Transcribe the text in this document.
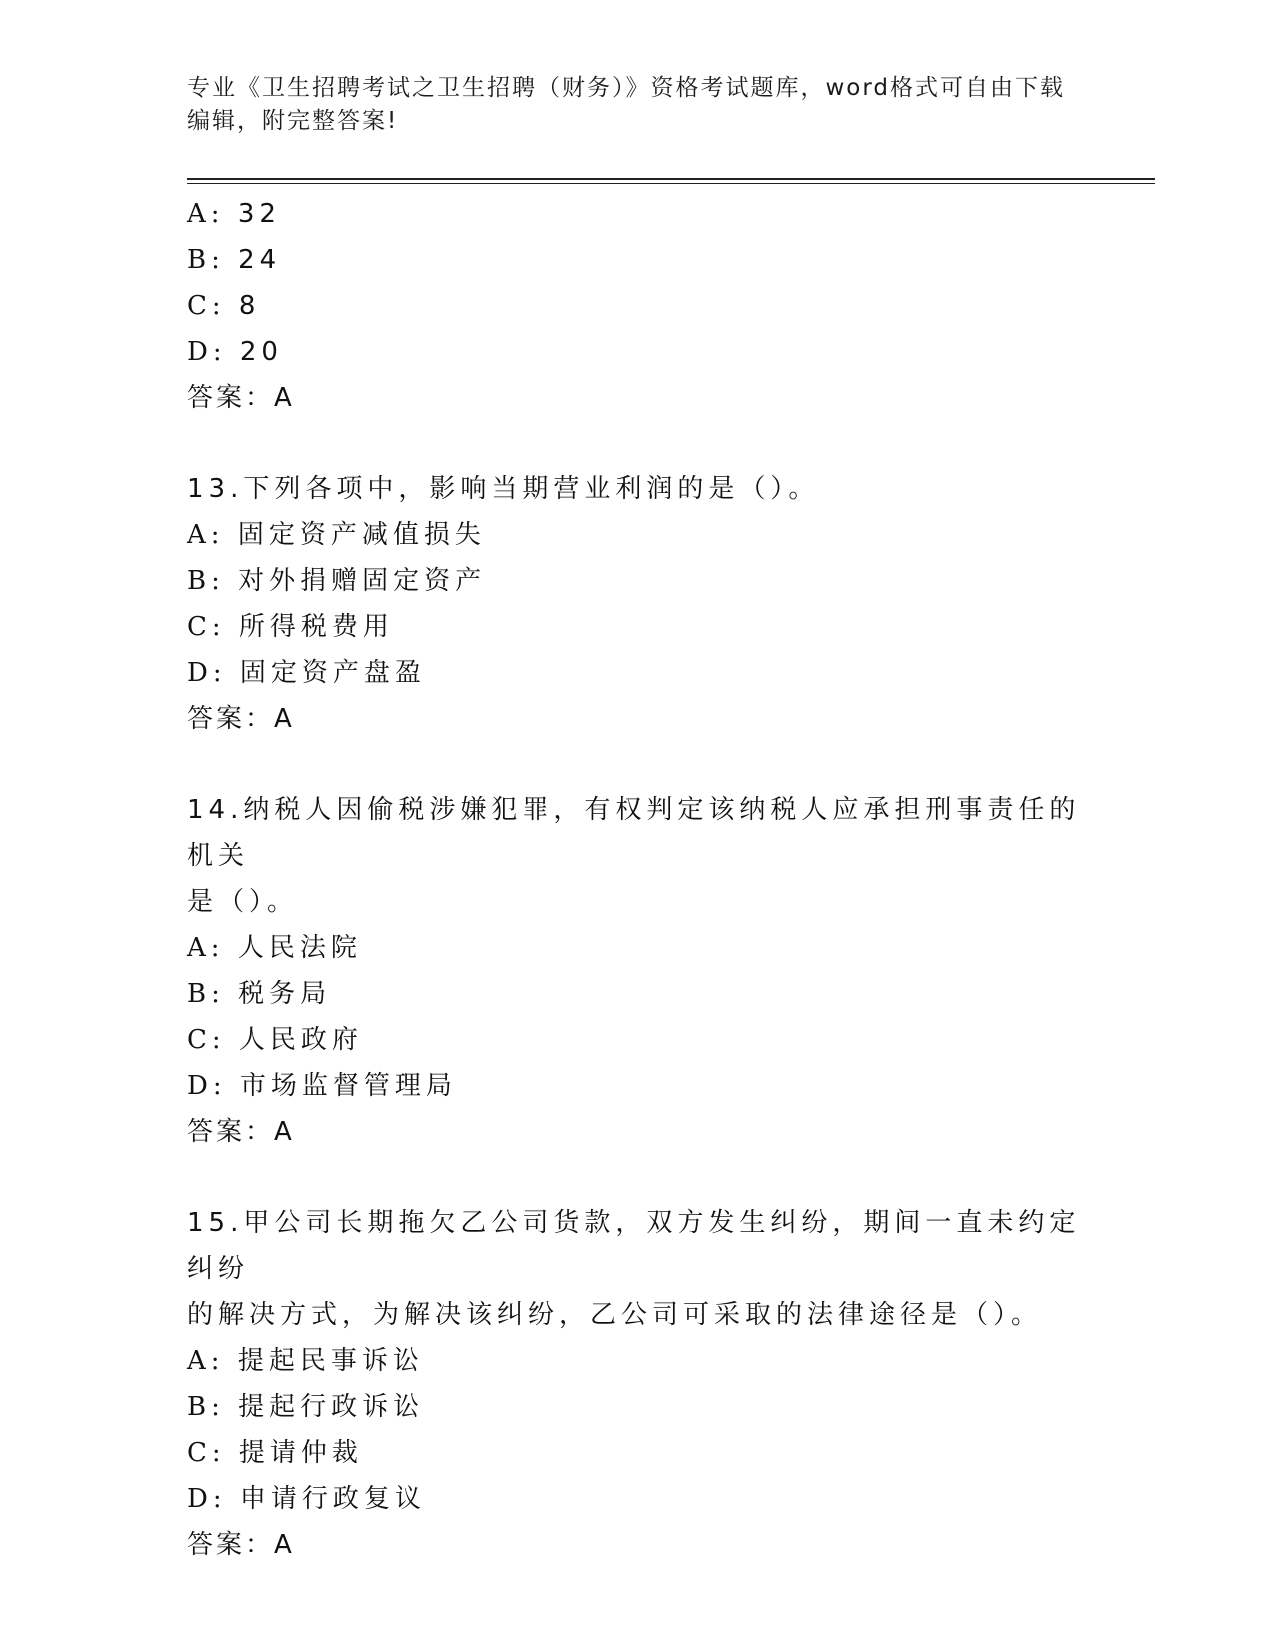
专业《卫生招聘考试之卫生招聘（财务）》资格考试题库，word格式可自由下载
编辑，附完整答案!
A: 32
B: 24
C: 8
D: 20
答案：A
13.下列各项中，影响当期营业利润的是（）。
A: 固定资产减值损失
B: 对外捐赠固定资产
C: 所得税费用
D: 固定资产盘盈
答案：A
14.纳税人因偷税涉嫌犯罪，有权判定该纳税人应承担刑事责任的机关
是（）。
A: 人民法院
B: 税务局
C: 人民政府
D: 市场监督管理局
答案：A
15.甲公司长期拖欠乙公司货款，双方发生纠纷，期间一直未约定纠纷
的解决方式，为解决该纠纷，乙公司可采取的法律途径是（）。
A: 提起民事诉讼
B: 提起行政诉讼
C: 提请仲裁
D: 申请行政复议
答案：A
